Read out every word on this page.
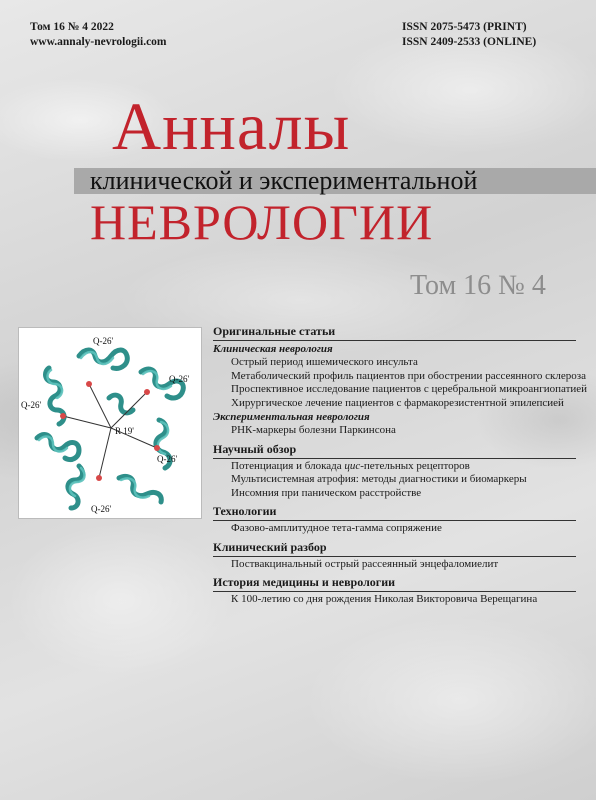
Том 16 № 4 2022
www.annaly-nevrologii.com
ISSN 2075-5473 (PRINT)
ISSN 2409-2533 (ONLINE)
Анналы
клинической и экспериментальной
НЕВРОЛОГИИ
Том 16 № 4
Q-26'
Q-26'
Q-26'
Q-26'
Q-26'
R 19'
Оригинальные статьи
Клиническая неврология
Острый период ишемического инсульта
Метаболический профиль пациентов при обострении рассеянного склероза
Проспективное исследование пациентов с церебральной микроангиопатией
Хирургическое лечение пациентов с фармакорезистентной эпилепсией
Экспериментальная неврология
РНК-маркеры болезни Паркинсона
Научный обзор
Потенциация и блокада цис-петельных рецепторов
Мультисистемная атрофия: методы диагностики и биомаркеры
Инсомния при паническом расстройстве
Технологии
Фазово-амплитудное тета-гамма сопряжение
Клинический разбор
Поствакцинальный острый рассеянный энцефаломиелит
История медицины и неврологии
К 100-летию со дня рождения Николая Викторовича Верещагина
